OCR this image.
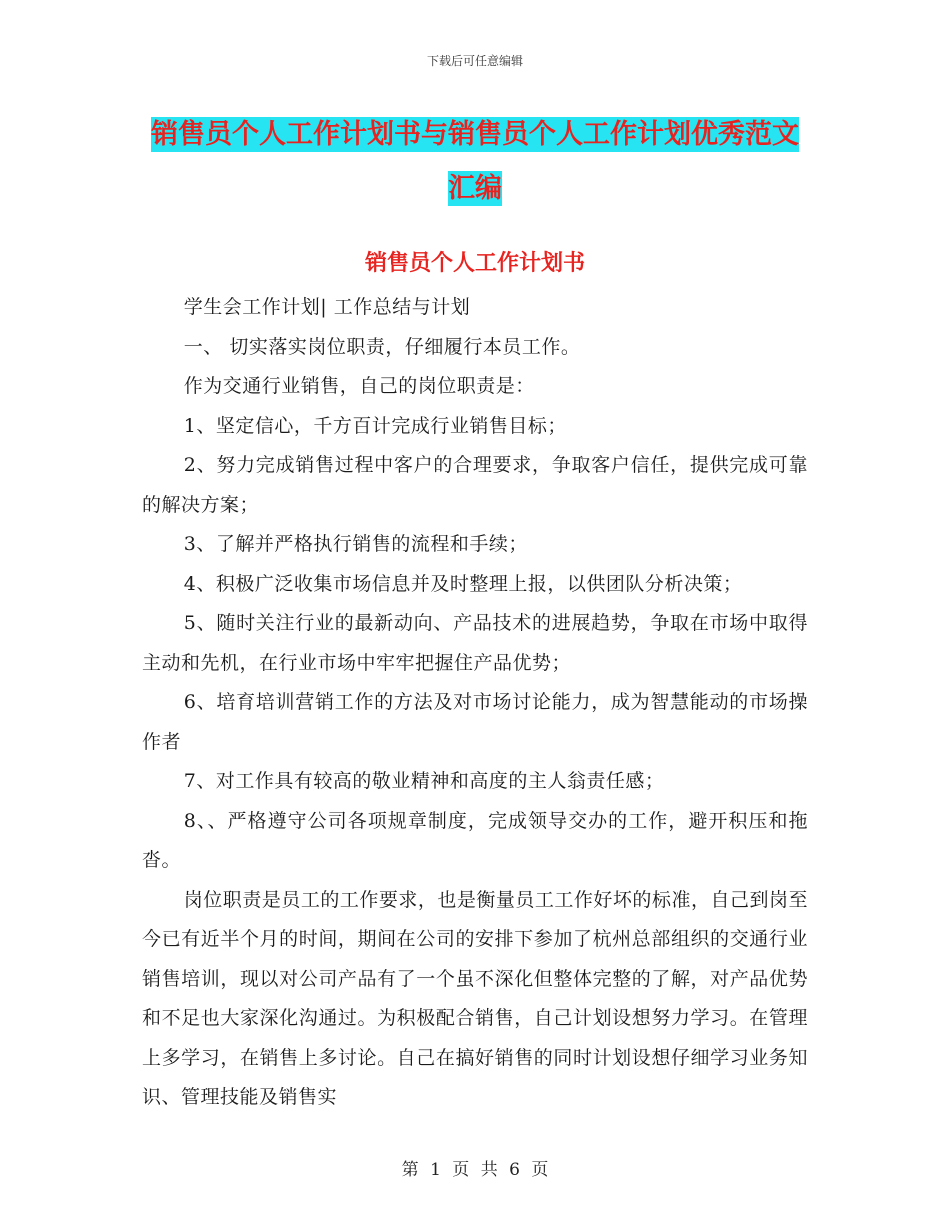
下载后可任意编辑
销售员个人工作计划书与销售员个人工作计划优秀范文汇编
销售员个人工作计划书

学生会工作计划| 工作总结与计划

一、 切实落实岗位职责，仔细履行本员工作。

作为交通行业销售，自己的岗位职责是：

1、坚定信心，千方百计完成行业销售目标；

2、努力完成销售过程中客户的合理要求，争取客户信任，提供完成可靠的解决方案；

3、了解并严格执行销售的流程和手续；

4、积极广泛收集市场信息并及时整理上报，以供团队分析决策；

5、随时关注行业的最新动向、产品技术的进展趋势，争取在市场中取得主动和先机，在行业市场中牢牢把握住产品优势；

6、培育培训营销工作的方法及对市场讨论能力，成为智慧能动的市场操作者

7、对工作具有较高的敬业精神和高度的主人翁责任感；

8、、严格遵守公司各项规章制度，完成领导交办的工作，避开积压和拖沓。

岗位职责是员工的工作要求，也是衡量员工工作好坏的标准，自己到岗至今已有近半个月的时间，期间在公司的安排下参加了杭州总部组织的交通行业销售培训，现以对公司产品有了一个虽不深化但整体完整的了解，对产品优势和不足也大家深化沟通过。为积极配合销售，自己计划设想努力学习。在管理上多学习，在销售上多讨论。自己在搞好销售的同时计划设想仔细学习业务知识、管理技能及销售实

第 1 页 共 6 页
